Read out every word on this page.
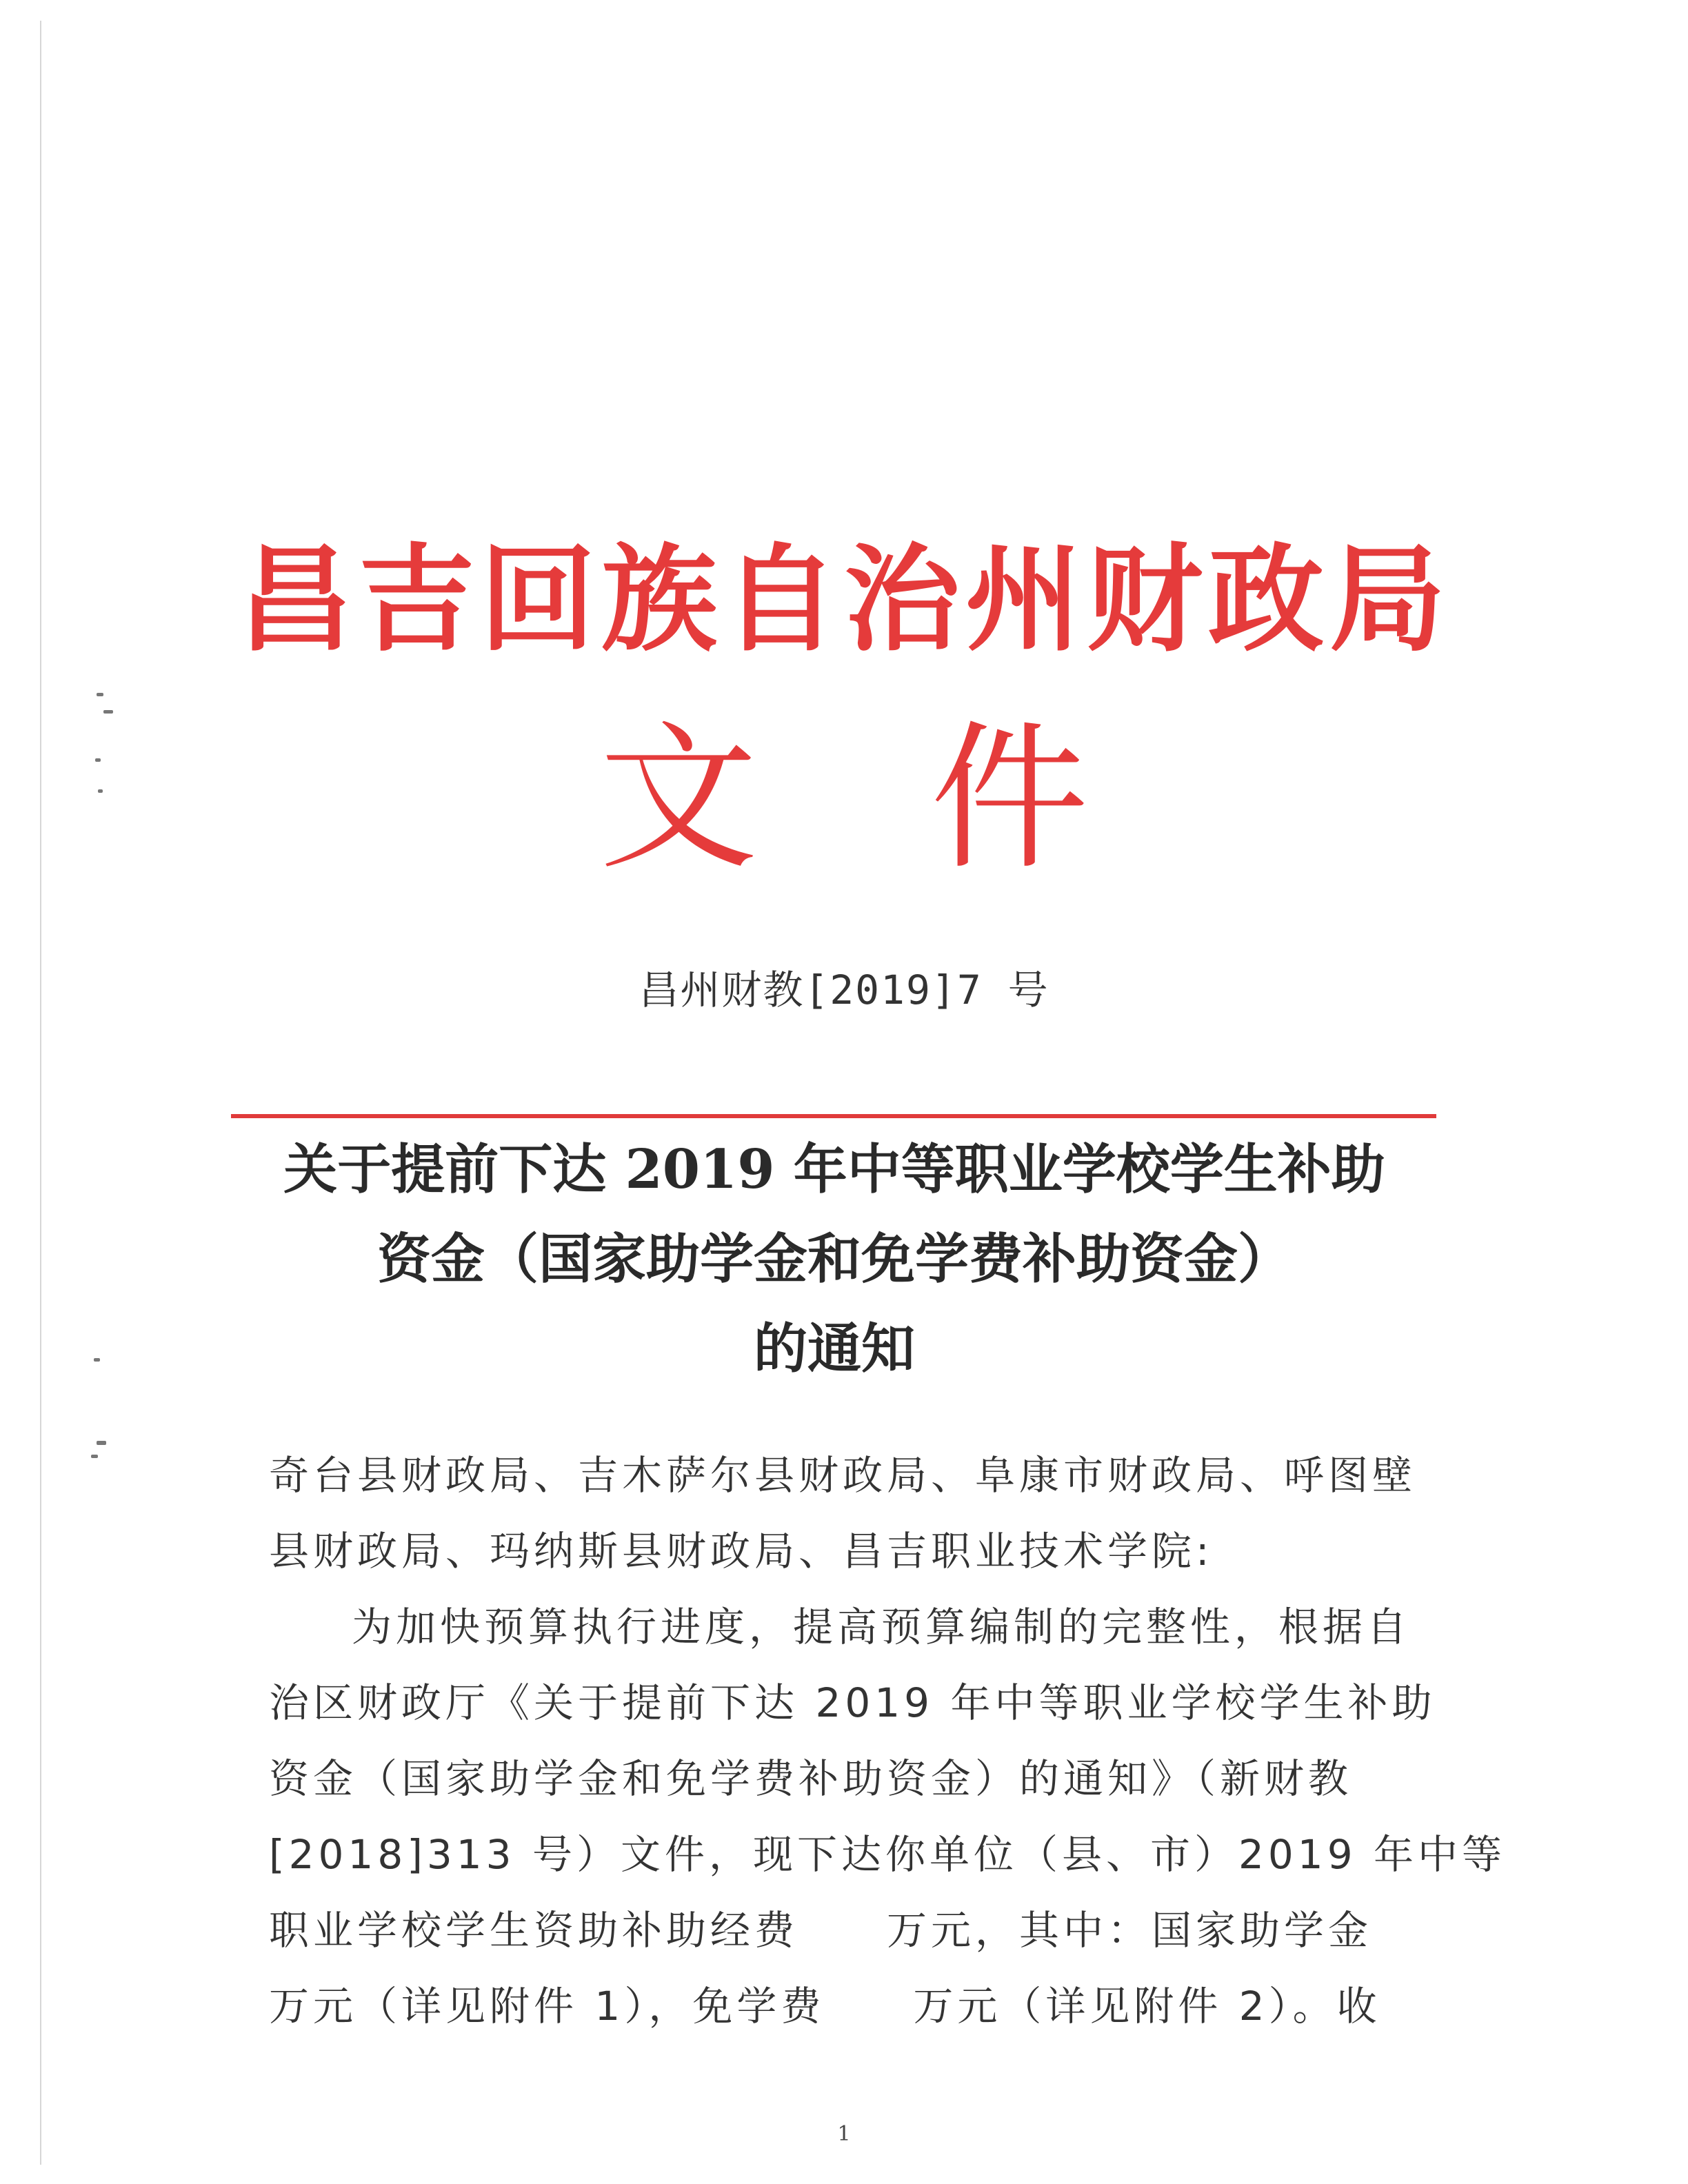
昌吉回族自治州财政局
文 件
昌州财教[2019]7 号
关于提前下达 2019 年中等职业学校学生补助
资金（国家助学金和免学费补助资金）
的通知
奇台县财政局、吉木萨尔县财政局、阜康市财政局、呼图壁
县财政局、玛纳斯县财政局、昌吉职业技术学院:
为加快预算执行进度，提高预算编制的完整性，根据自
治区财政厅《关于提前下达 2019 年中等职业学校学生补助
资金（国家助学金和免学费补助资金）的通知》（新财教
[2018]313 号）文件，现下达你单位（县、市）2019 年中等
职业学校学生资助补助经费　　万元，其中：国家助学金
万元（详见附件 1），免学费　　万元（详见附件 2）。收
1
